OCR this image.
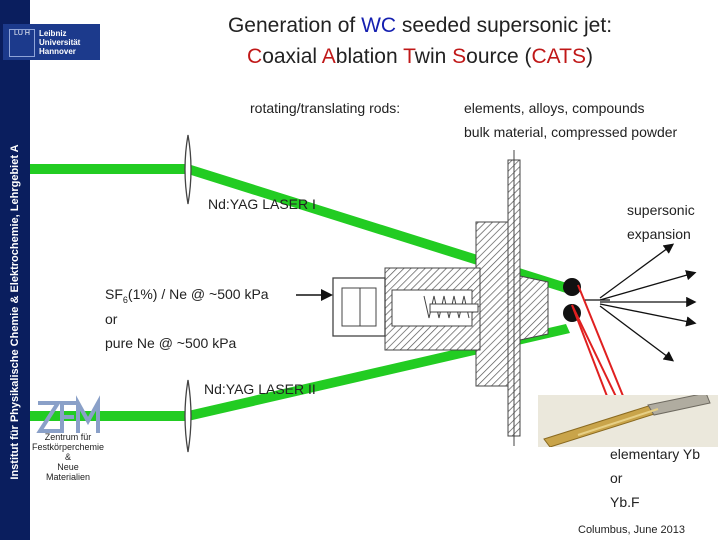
Institut für Physikalische Chemie & Elektrochemie, Lehrgebiet A
LU H	Leibniz
Universität
Hannover
Generation of WC seeded supersonic jet:
Coaxial Ablation Twin Source (CATS)
rotating/translating rods:	elements, alloys, compounds
bulk material, compressed powder
Nd:YAG LASER I	supersonic
expansion
$SF_6(1\%)$ / Ne @ ~500 kPa
or
pure Ne @ ~500 kPa
Nd:YAG LASER II
Zentrum für
Festkörperchemie
&
Neue
Materialien
elementary Yb
or
Yb.F
Columbus, June 2013
